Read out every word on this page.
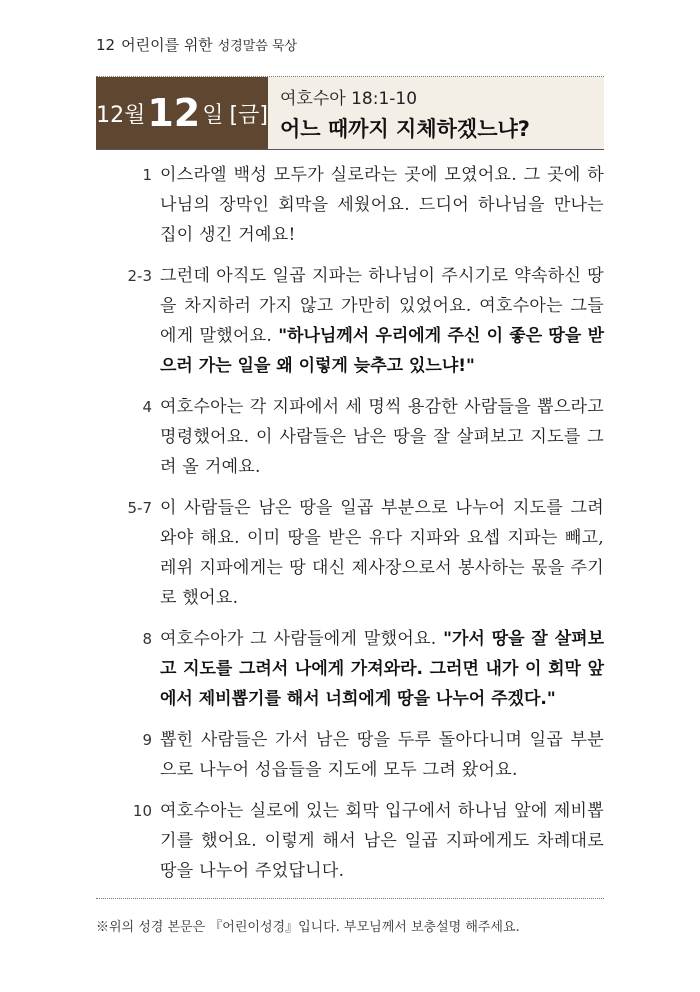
12 어린이를 위한 성경말씀 묵상
12월 12 일 [금]
여호수아 18:1-10
어느 때까지 지체하겠느냐?
1 이스라엘 백성 모두가 실로라는 곳에 모였어요. 그 곳에 하나님의 장막인 회막을 세웠어요. 드디어 하나님을 만나는 집이 생긴 거예요!
2-3 그런데 아직도 일곱 지파는 하나님이 주시기로 약속하신 땅을 차지하러 가지 않고 가만히 있었어요. 여호수아는 그들에게 말했어요. "하나님께서 우리에게 주신 이 좋은 땅을 받으러 가는 일을 왜 이렇게 늦추고 있느냐!"
4 여호수아는 각 지파에서 세 명씩 용감한 사람들을 뽑으라고 명령했어요. 이 사람들은 남은 땅을 잘 살펴보고 지도를 그려 올 거예요.
5-7 이 사람들은 남은 땅을 일곱 부분으로 나누어 지도를 그려 와야 해요. 이미 땅을 받은 유다 지파와 요셉 지파는 빼고, 레위 지파에게는 땅 대신 제사장으로서 봉사하는 몫을 주기로 했어요.
8 여호수아가 그 사람들에게 말했어요. "가서 땅을 잘 살펴보고 지도를 그려서 나에게 가져와라. 그러면 내가 이 회막 앞에서 제비뽑기를 해서 너희에게 땅을 나누어 주겠다."
9 뽑힌 사람들은 가서 남은 땅을 두루 돌아다니며 일곱 부분으로 나누어 성읍들을 지도에 모두 그려 왔어요.
10 여호수아는 실로에 있는 회막 입구에서 하나님 앞에 제비뽑기를 했어요. 이렇게 해서 남은 일곱 지파에게도 차례대로 땅을 나누어 주었답니다.
※위의 성경 본문은 『어린이성경』입니다. 부모님께서 보충설명 해주세요.
